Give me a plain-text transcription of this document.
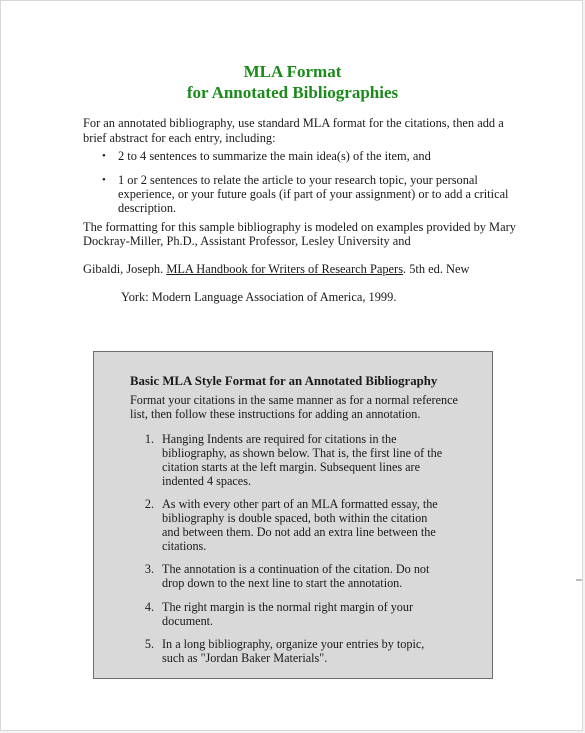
MLA Format
for Annotated Bibliographies
For an annotated bibliography, use standard MLA format for the citations, then add a
brief abstract for each entry, including:
• 2 to 4 sentences to summarize the main idea(s) of the item, and
• 1 or 2 sentences to relate the article to your research topic, your personal
experience, or your future goals (if part of your assignment) or to add a critical
description.
The formatting for this sample bibliography is modeled on examples provided by Mary
Dockray-Miller, Ph.D., Assistant Professor, Lesley University and
Gibaldi, Joseph. MLA Handbook for Writers of Research Papers. 5th ed. New
York: Modern Language Association of America, 1999.
Basic MLA Style Format for an Annotated Bibliography
Format your citations in the same manner as for a normal reference
list, then follow these instructions for adding an annotation.
1. Hanging Indents are required for citations in the
bibliography, as shown below. That is, the first line of the
citation starts at the left margin. Subsequent lines are
indented 4 spaces.
2. As with every other part of an MLA formatted essay, the
bibliography is double spaced, both within the citation
and between them. Do not add an extra line between the
citations.
3. The annotation is a continuation of the citation. Do not
drop down to the next line to start the annotation.
4. The right margin is the normal right margin of your
document.
5. In a long bibliography, organize your entries by topic,
such as "Jordan Baker Materials".
